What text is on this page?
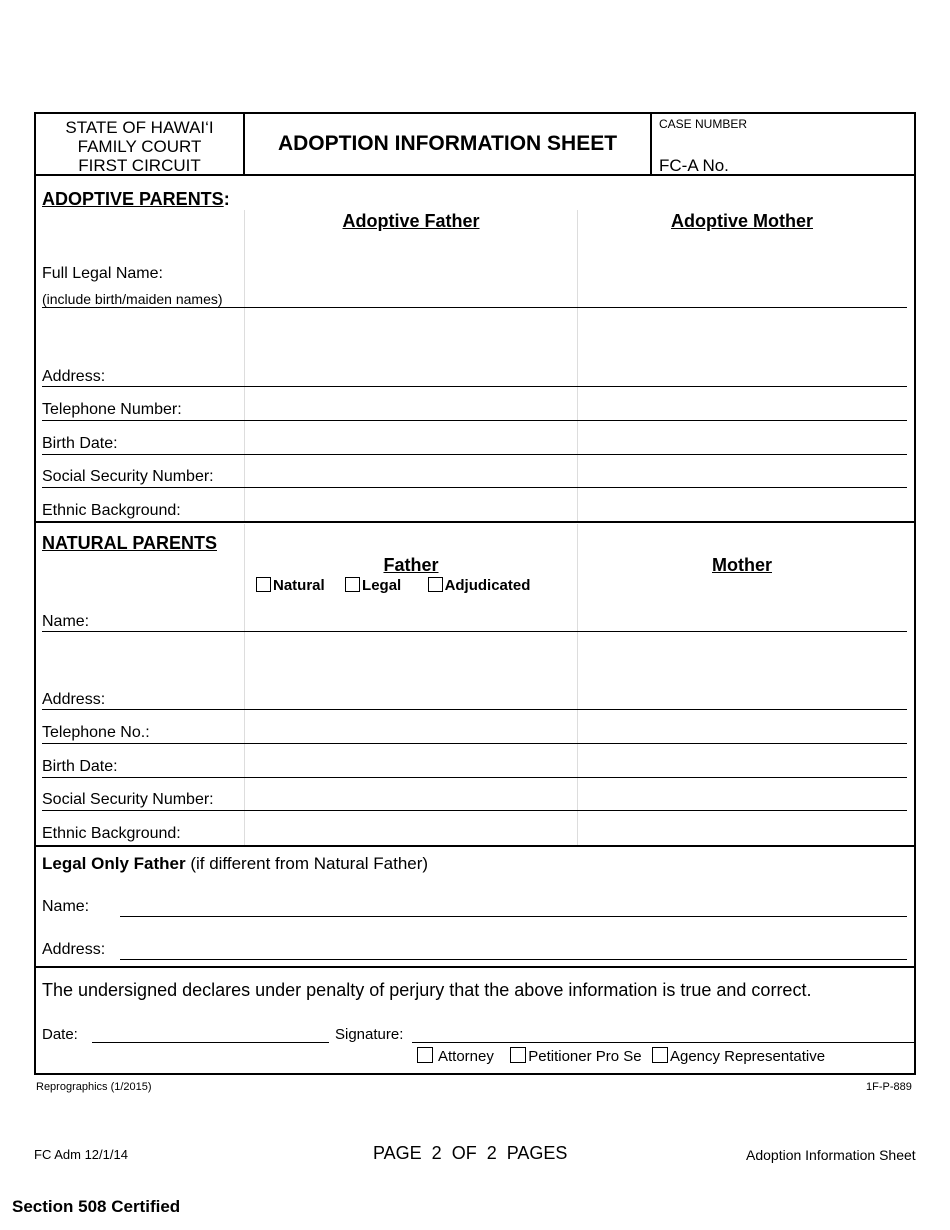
STATE OF HAWAI‘I
FAMILY COURT
FIRST CIRCUIT
ADOPTION INFORMATION SHEET
CASE NUMBER
FC-A No.
ADOPTIVE PARENTS:
Adoptive Father	Adoptive Mother
Full Legal Name:
(include birth/maiden names)
Address:
Telephone Number:
Birth Date:
Social Security Number:
Ethnic Background:
NATURAL PARENTS
Father	Mother
Natural Legal	Adjudicated
Name:
Address:
Telephone No.:
Birth Date:
Social Security Number:
Ethnic Background:
Legal Only Father (if different from Natural Father)
Name:
Address:
The undersigned declares under penalty of perjury that the above information is true and correct.
Date:	Signature:
Attorney Petitioner Pro Se Agency Representative
Reprographics (1/2015)	1F-P-889
FC Adm 12/1/14	PAGE  2  OF  2  PAGES	Adoption Information Sheet
Section 508 Certified
